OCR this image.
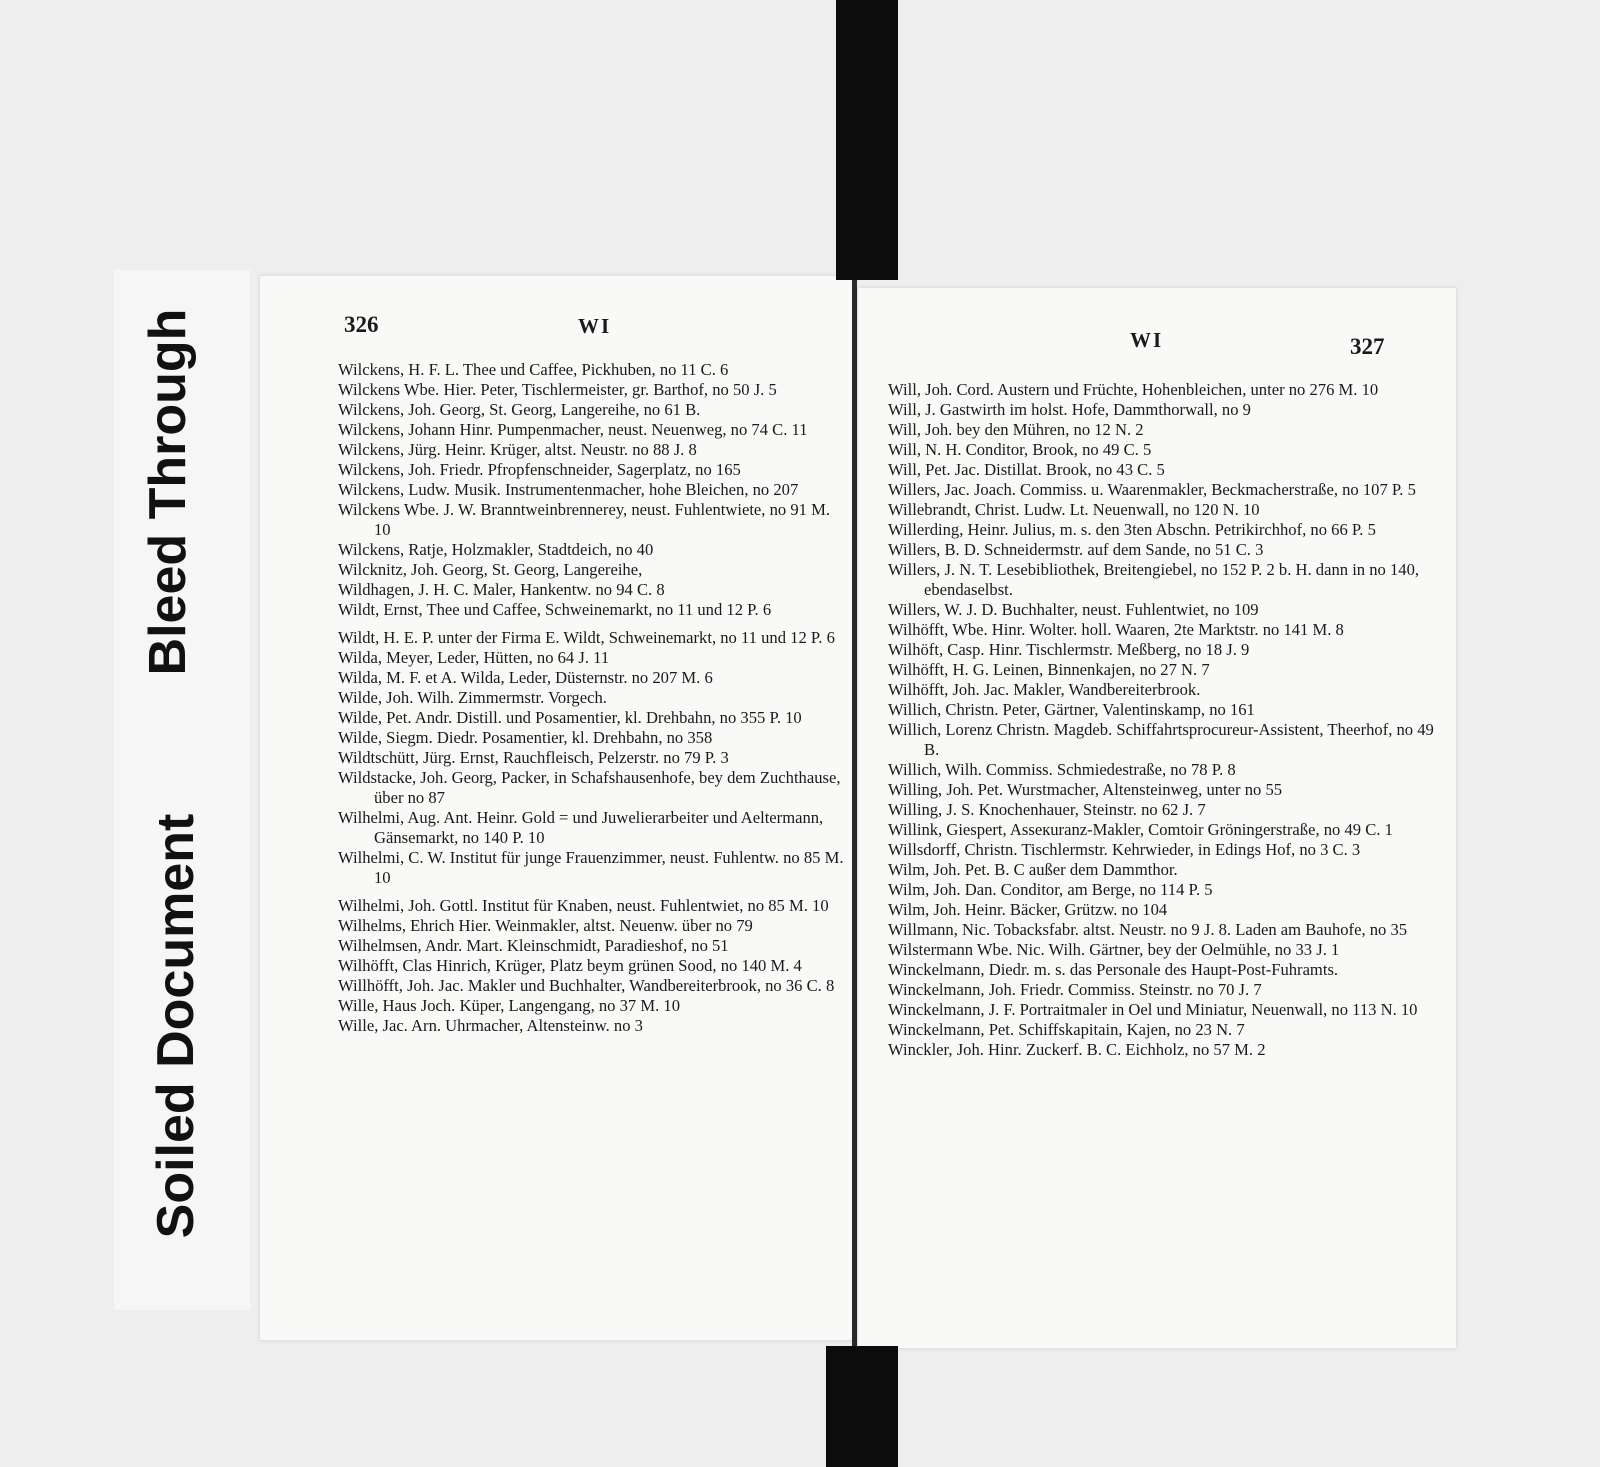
Bleed Through
Soiled Document
326	WI
Wilckens, H. F. L. Thee und Caffee, Pickhuben, no 11 C. 6
Wilckens Wbe. Hier. Peter, Tischlermeister, gr. Barthof, no 50 J. 5
Wilckens, Joh. Georg, St. Georg, Langereihe, no 61 B.
Wilckens, Johann Hinr. Pumpenmacher, neust. Neuenweg, no 74 C. 11
Wilckens, Jürg. Heinr. Krüger, altst. Neustr. no 88 J. 8
Wilckens, Joh. Friedr. Pfropfenschneider, Sagerplatz, no 165
Wilckens, Ludw. Musik. Instrumentenmacher, hohe Bleichen, no 207
Wilckens Wbe. J. W. Branntweinbrennerey, neust. Fuhlentwiete, no 91 M. 10
Wilckens, Ratje, Holzmakler, Stadtdeich, no 40
Wilcknitz, Joh. Georg, St. Georg, Langereihe,
Wildhagen, J. H. C. Maler, Hankentw. no 94 C. 8
Wildt, Ernst, Thee und Caffee, Schweinemarkt, no 11 und 12 P. 6
Wildt, H. E. P. unter der Firma E. Wildt, Schweinemarkt, no 11 und 12 P. 6
Wilda, Meyer, Leder, Hütten, no 64 J. 11
Wilda, M. F. et A. Wilda, Leder, Düsternstr. no 207 M. 6
Wilde, Joh. Wilh. Zimmermstr. Vorgeсh.
Wilde, Pet. Andr. Distill. und Posamentier, kl. Drehbahn, no 355 P. 10
Wilde, Siegm. Diedr. Posamentier, kl. Drehbahn, no 358
Wildtschütt, Jürg. Ernst, Rauchfleisch, Pelzerstr. no 79 P. 3
Wildstacke, Joh. Georg, Packer, in Schafshausenhofe, bey dem Zuchthause, über no 87
Wilhelmi, Aug. Ant. Heinr. Gold = und Juwelierarbeiter und Aeltermann, Gänsemarkt, no 140 P. 10
Wilhelmi, C. W. Institut für junge Frauenzimmer, neust. Fuhlentw. no 85 M. 10
Wilhelmi, Joh. Gottl. Institut für Knaben, neust. Fuhlentwiet, no 85 M. 10
Wilhelms, Ehrich Hier. Weinmakler, altst. Neuenw. über no 79
Wilhelmsen, Andr. Mart. Kleinschmidt, Paradieshof, no 51
Wilhöfft, Clas Hinrich, Krüger, Platz beym grünen Sood, no 140 M. 4
Willhöfft, Joh. Jac. Makler und Buchhalter, Wandbereiterbrook, no 36 C. 8
Wille, Haus Joch. Küper, Langengang, no 37 M. 10
Wille, Jac. Arn. Uhrmacher, Altensteinw. no 3
WI	327
Will, Joh. Cord. Austern und Früchte, Hohenbleichen, unter no 276 M. 10
Will, J. Gastwirth im holst. Hofe, Dammthorwall, no 9
Will, Joh. bey den Mühren, no 12 N. 2
Will, N. H. Conditor, Brook, no 49 C. 5
Will, Pet. Jac. Distillat. Brook, no 43 C. 5
Willers, Jac. Joach. Commiss. u. Waarenmakler, Beckmacherstraße, no 107 P. 5
Willebrandt, Christ. Ludw. Lt. Neuenwall, no 120 N. 10
Willerding, Heinr. Julius, m. s. den 3ten Abschn. Petrikirchhof, no 66 P. 5
Willers, B. D. Schneidermstr. auf dem Sande, no 51 C. 3
Willers, J. N. T. Lesebibliothek, Breitengiebel, no 152 P. 2 b. H. dann in no 140, ebendaselbst.
Willers, W. J. D. Buchhalter, neust. Fuhlentwiet, no 109
Wilhöfft, Wbe. Hinr. Wolter. holl. Waaren, 2te Marktstr. no 141 M. 8
Wilhöft, Casp. Hinr. Tischlermstr. Meßberg, no 18 J. 9
Wilhöfft, H. G. Leinen, Binnenkajen, no 27 N. 7
Wilhöfft, Joh. Jac. Makler, Wandbereiterbrook.
Willich, Christn. Peter, Gärtner, Valentinskamp, no 161
Willich, Lorenz Christn. Magdeb. Schiffahrtsprocureur-Assistent, Theerhof, no 49 B.
Willich, Wilh. Commiss. Schmiedestraße, no 78 P. 8
Willing, Joh. Pet. Wurstmacher, Altensteinweg, unter no 55
Willing, J. S. Knochenhauer, Steinstr. no 62 J. 7
Willink, Giespert, Asseкuranz-Makler, Comtoir Gröningerstraße, no 49 C. 1
Willsdorff, Christn. Tischlermstr. Kehrwieder, in Edings Hof, no 3 C. 3
Wilm, Joh. Pet. B. C außer dem Dammthor.
Wilm, Joh. Dan. Conditor, am Berge, no 114 P. 5
Wilm, Joh. Heinr. Bäcker, Grützw. no 104
Willmann, Nic. Tobacksfabr. altst. Neustr. no 9 J. 8. Laden am Bauhofe, no 35
Wilstermann Wbe. Nic. Wilh. Gärtner, bey der Oelmühle, no 33 J. 1
Winckelmann, Diedr. m. s. das Personale des Haupt-Post-Fuhramts.
Winckelmann, Joh. Friedr. Commiss. Steinstr. no 70 J. 7
Winckelmann, J. F. Portraitmaler in Oel und Miniatur, Neuenwall, no 113 N. 10
Winckelmann, Pet. Schiffskapitain, Kajen, no 23 N. 7
Winckler, Joh. Hinr. Zuckerf. B. C. Eichholz, no 57 M. 2
